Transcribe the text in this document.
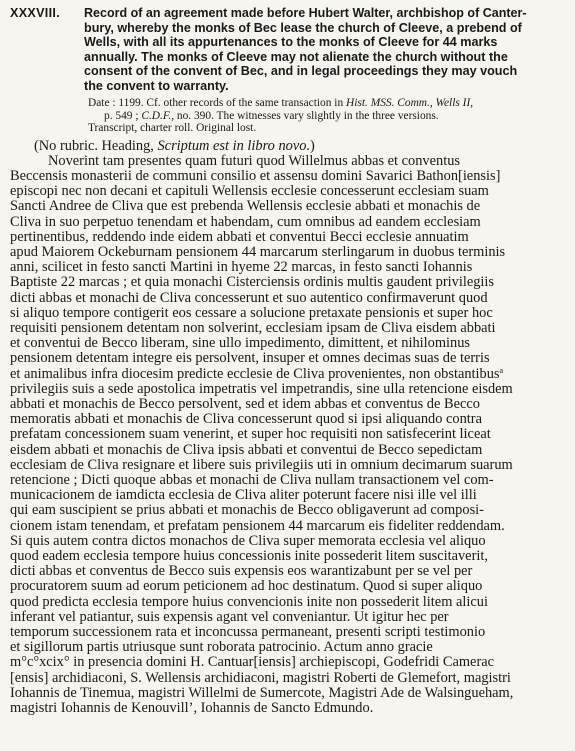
XXXVIII.	Record of an agreement made before Hubert Walter, archbishop of Canter-
bury, whereby the monks of Bec lease the church of Cleeve, a prebend of
Wells, with all its appurtenances to the monks of Cleeve for 44 marks
annually. The monks of Cleeve may not alienate the church without the
consent of the convent of Bec, and in legal proceedings they may vouch
the convent to warranty.

Date : 1199. Cf. other records of the same transaction in Hist. MSS. Comm., Wells II,

p. 549 ; C.D.F., no. 390. The witnesses vary slightly in the three versions.

Transcript, charter roll. Original lost.

(No rubric. Heading, Scriptum est in libro novo.)

Noverint tam presentes quam futuri quod Willelmus abbas et conventus

Beccensis monasterii de communi consilio et assensu domini Savarici Bathon[iensis]

episcopi nec non decani et capituli Wellensis ecclesie concesserunt ecclesiam suam

Sancti Andree de Cliva que est prebenda Wellensis ecclesie abbati et monachis de

Cliva in suo perpetuo tenendam et habendam, cum omnibus ad eandem ecclesiam

pertinentibus, reddendo inde eidem abbati et conventui Becci ecclesie annuatim

apud Maiorem Ockeburnam pensionem 44 marcarum sterlingarum in duobus terminis

anni, scilicet in festo sancti Martini in hyeme 22 marcas, in festo sancti Iohannis

Baptiste 22 marcas ; et quia monachi Cisterciensis ordinis multis gaudent privilegiis

dicti abbas et monachi de Cliva concesserunt et suo autentico confirmaverunt quod

si aliquo tempore contigerit eos cessare a solucione pretaxate pensionis et super hoc

requisiti pensionem detentam non solverint, ecclesiam ipsam de Cliva eisdem abbati

et conventui de Becco liberam, sine ullo impedimento, dimittent, et nihilominus

pensionem detentam integre eis persolvent, insuper et omnes decimas suas de terris

et animalibus infra diocesim predicte ecclesie de Cliva provenientes, non obstantibus$^a$

privilegiis suis a sede apostolica impetratis vel impetrandis, sine ulla retencione eisdem

abbati et monachis de Becco persolvent, sed et idem abbas et conventus de Becco

memoratis abbati et monachis de Cliva concesserunt quod si ipsi aliquando contra

prefatam concessionem suam venerint, et super hoc requisiti non satisfecerint liceat

eisdem abbati et monachis de Cliva ipsis abbati et conventui de Becco sepedictam

ecclesiam de Cliva resignare et libere suis privilegiis uti in omnium decimarum suarum

retencione ; Dicti quoque abbas et monachi de Cliva nullam transactionem vel com-

municacionem de iamdicta ecclesia de Cliva aliter poterunt facere nisi ille vel illi

qui eam suscipient se prius abbati et monachis de Becco obligaverunt ad composi-

cionem istam tenendam, et prefatam pensionem 44 marcarum eis fideliter reddendam.

Si quis autem contra dictos monachos de Cliva super memorata ecclesia vel aliquo

quod eadem ecclesia tempore huius concessionis inite possederit litem suscitaverit,

dicti abbas et conventus de Becco suis expensis eos warantizabunt per se vel per

procuratorem suum ad eorum peticionem ad hoc destinatum. Quod si super aliquo

quod predicta ecclesia tempore huius convencionis inite non possederit litem alicui

inferant vel patiantur, suis expensis agant vel conveniantur. Ut igitur hec per

temporum successionem rata et inconcussa permaneant, presenti scripti testimonio

et sigillorum partis utriusque sunt roborata patrocinio. Actum anno gracie

m°c°xcix° in presencia domini H. Cantuar[iensis] archiepiscopi, Godefridi Camerac

[ensis] archidiaconi, S. Wellensis archidiaconi, magistri Roberti de Glemefort, magistri

Iohannis de Tinemua, magistri Willelmi de Sumercote, Magistri Ade de Walsingueham,

magistri Iohannis de Kenouvill’, Iohannis de Sancto Edmundo.
